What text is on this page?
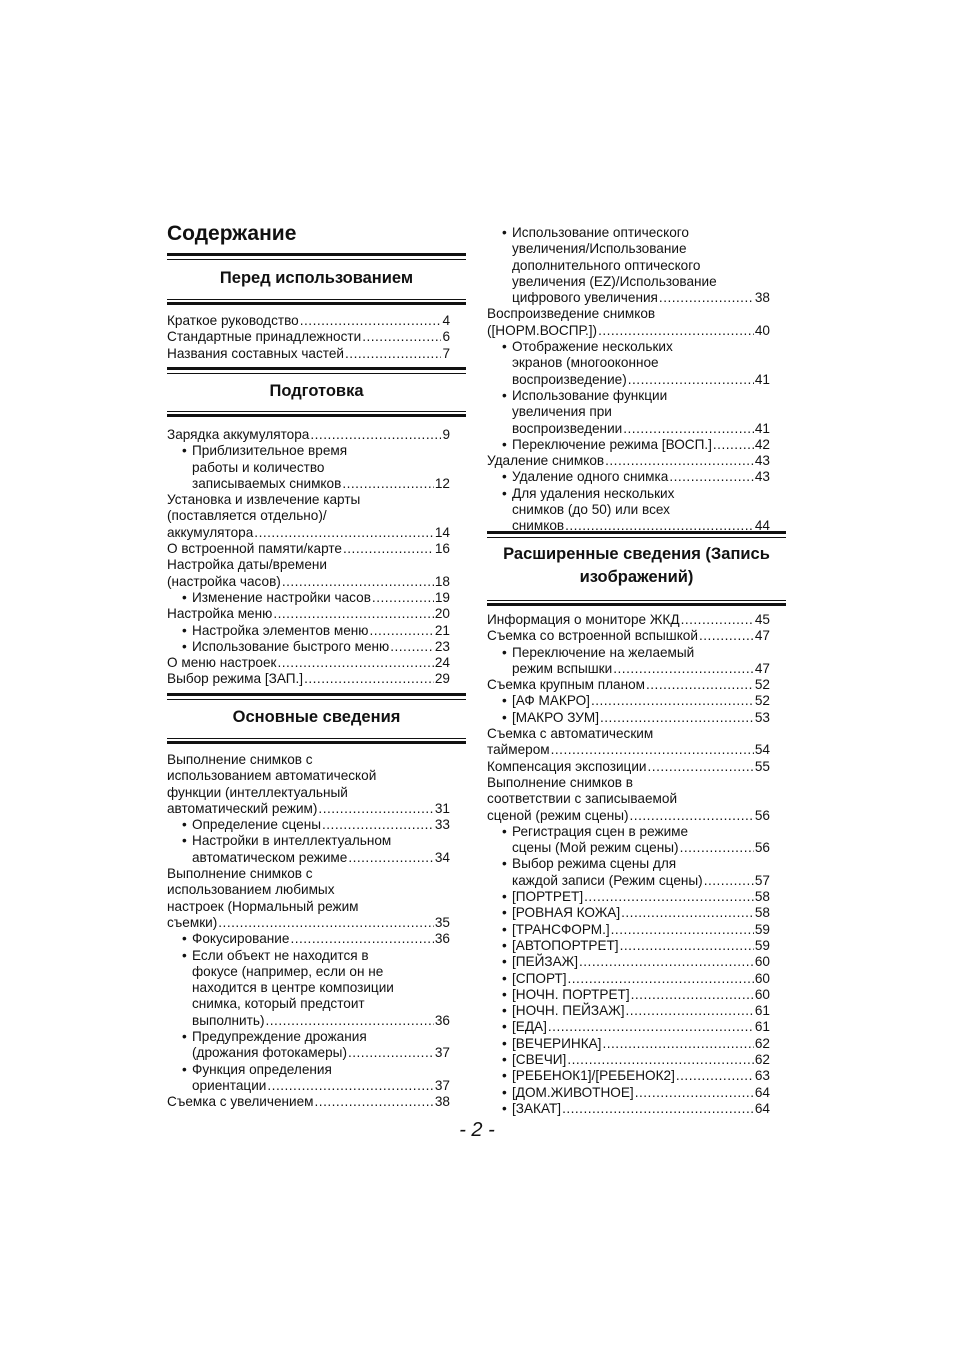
Содержание
Перед использованием
Краткое руководство .....	4
Стандартные принадлежности .....	6
Названия составных частей .....	7
Подготовка
Зарядка аккумулятора .....	9
• Приблизительное время
работы и количество
записываемых снимков .....	12
Установка и извлечение карты
(поставляется отдельно)/
аккумулятора .....	14
О встроенной памяти/карте .....	16
Настройка даты/времени
(настройка часов) .....	18
• Изменение настройки часов .....	19
Настройка меню .....	20
• Настройка элементов меню .....	21
• Использование быстрого меню .....	23
О меню настроек .....	24
Выбор режима [ЗАП.] .....	29
Основные сведения
Выполнение снимков с
использованием автоматической
функции (интеллектуальный
автоматический режим) .....	31
• Определение сцены .....	33
• Настройки в интеллектуальном
автоматическом режиме .....	34
Выполнение снимков с
использованием любимых
настроек (Нормальный режим
съемки) .....	35
• Фокусирование .....	36
• Если объект не находится в
фокусе (например, если он не
находится в центре композиции
снимка, который предстоит
выполнить) .....	36
• Предупреждение дрожания
(дрожания фотокамеры) .....	37
• Функция определения
ориентации .....	37
Съемка с увеличением .....	38
• Использование оптического
увеличения/Использование
дополнительного оптического
увеличения (EZ)/Использование
цифрового увеличения .....	38
Воспроизведение снимков
([НОРМ.ВОСПР.]) .....	40
• Отображение нескольких
экранов (многооконное
воспроизведение) .....	41
• Использование функции
увеличения при
воспроизведении .....	41
• Переключение режима [ВОСП.] .....	42
Удаление снимков .....	43
• Удаление одного снимка .....	43
• Для удаления нескольких
снимков (до 50) или всех
снимков .....	44
Расширенные сведения (Запись
изображений)
Информация о мониторе ЖКД .....	45
Съемка со встроенной вспышкой .....	47
• Переключение на желаемый
режим вспышки .....	47
Съемка крупным планом .....	52
• [АФ МАКРО] .....	52
• [МАКРО ЗУМ] .....	53
Съемка с автоматическим
таймером .....	54
Компенсация экспозиции .....	55
Выполнение снимков в
соответствии с записываемой
сценой (режим сцены) .....	56
• Регистрация сцен в режиме
сцены (Мой режим сцены) .....	56
• Выбор режима сцены для
каждой записи (Режим сцены) .....	57
• [ПОРТРЕТ] .....	58
• [РОВНАЯ КОЖА] .....	58
• [ТРАНСФОРМ.] .....	59
• [АВТОПОРТРЕТ] .....	59
• [ПЕЙЗАЖ] .....	60
• [СПОРТ] .....	60
• [НОЧН. ПОРТРЕТ] .....	60
• [НОЧН. ПЕЙЗАЖ] .....	61
• [ЕДА] .....	61
• [ВЕЧЕРИНКА] .....	62
• [СВЕЧИ] .....	62
• [РЕБЕНОК1]/[РЕБЕНОК2] .....	63
• [ДОМ.ЖИВОТНОЕ] .....	64
• [ЗАКАТ] .....	64
- 2 -
